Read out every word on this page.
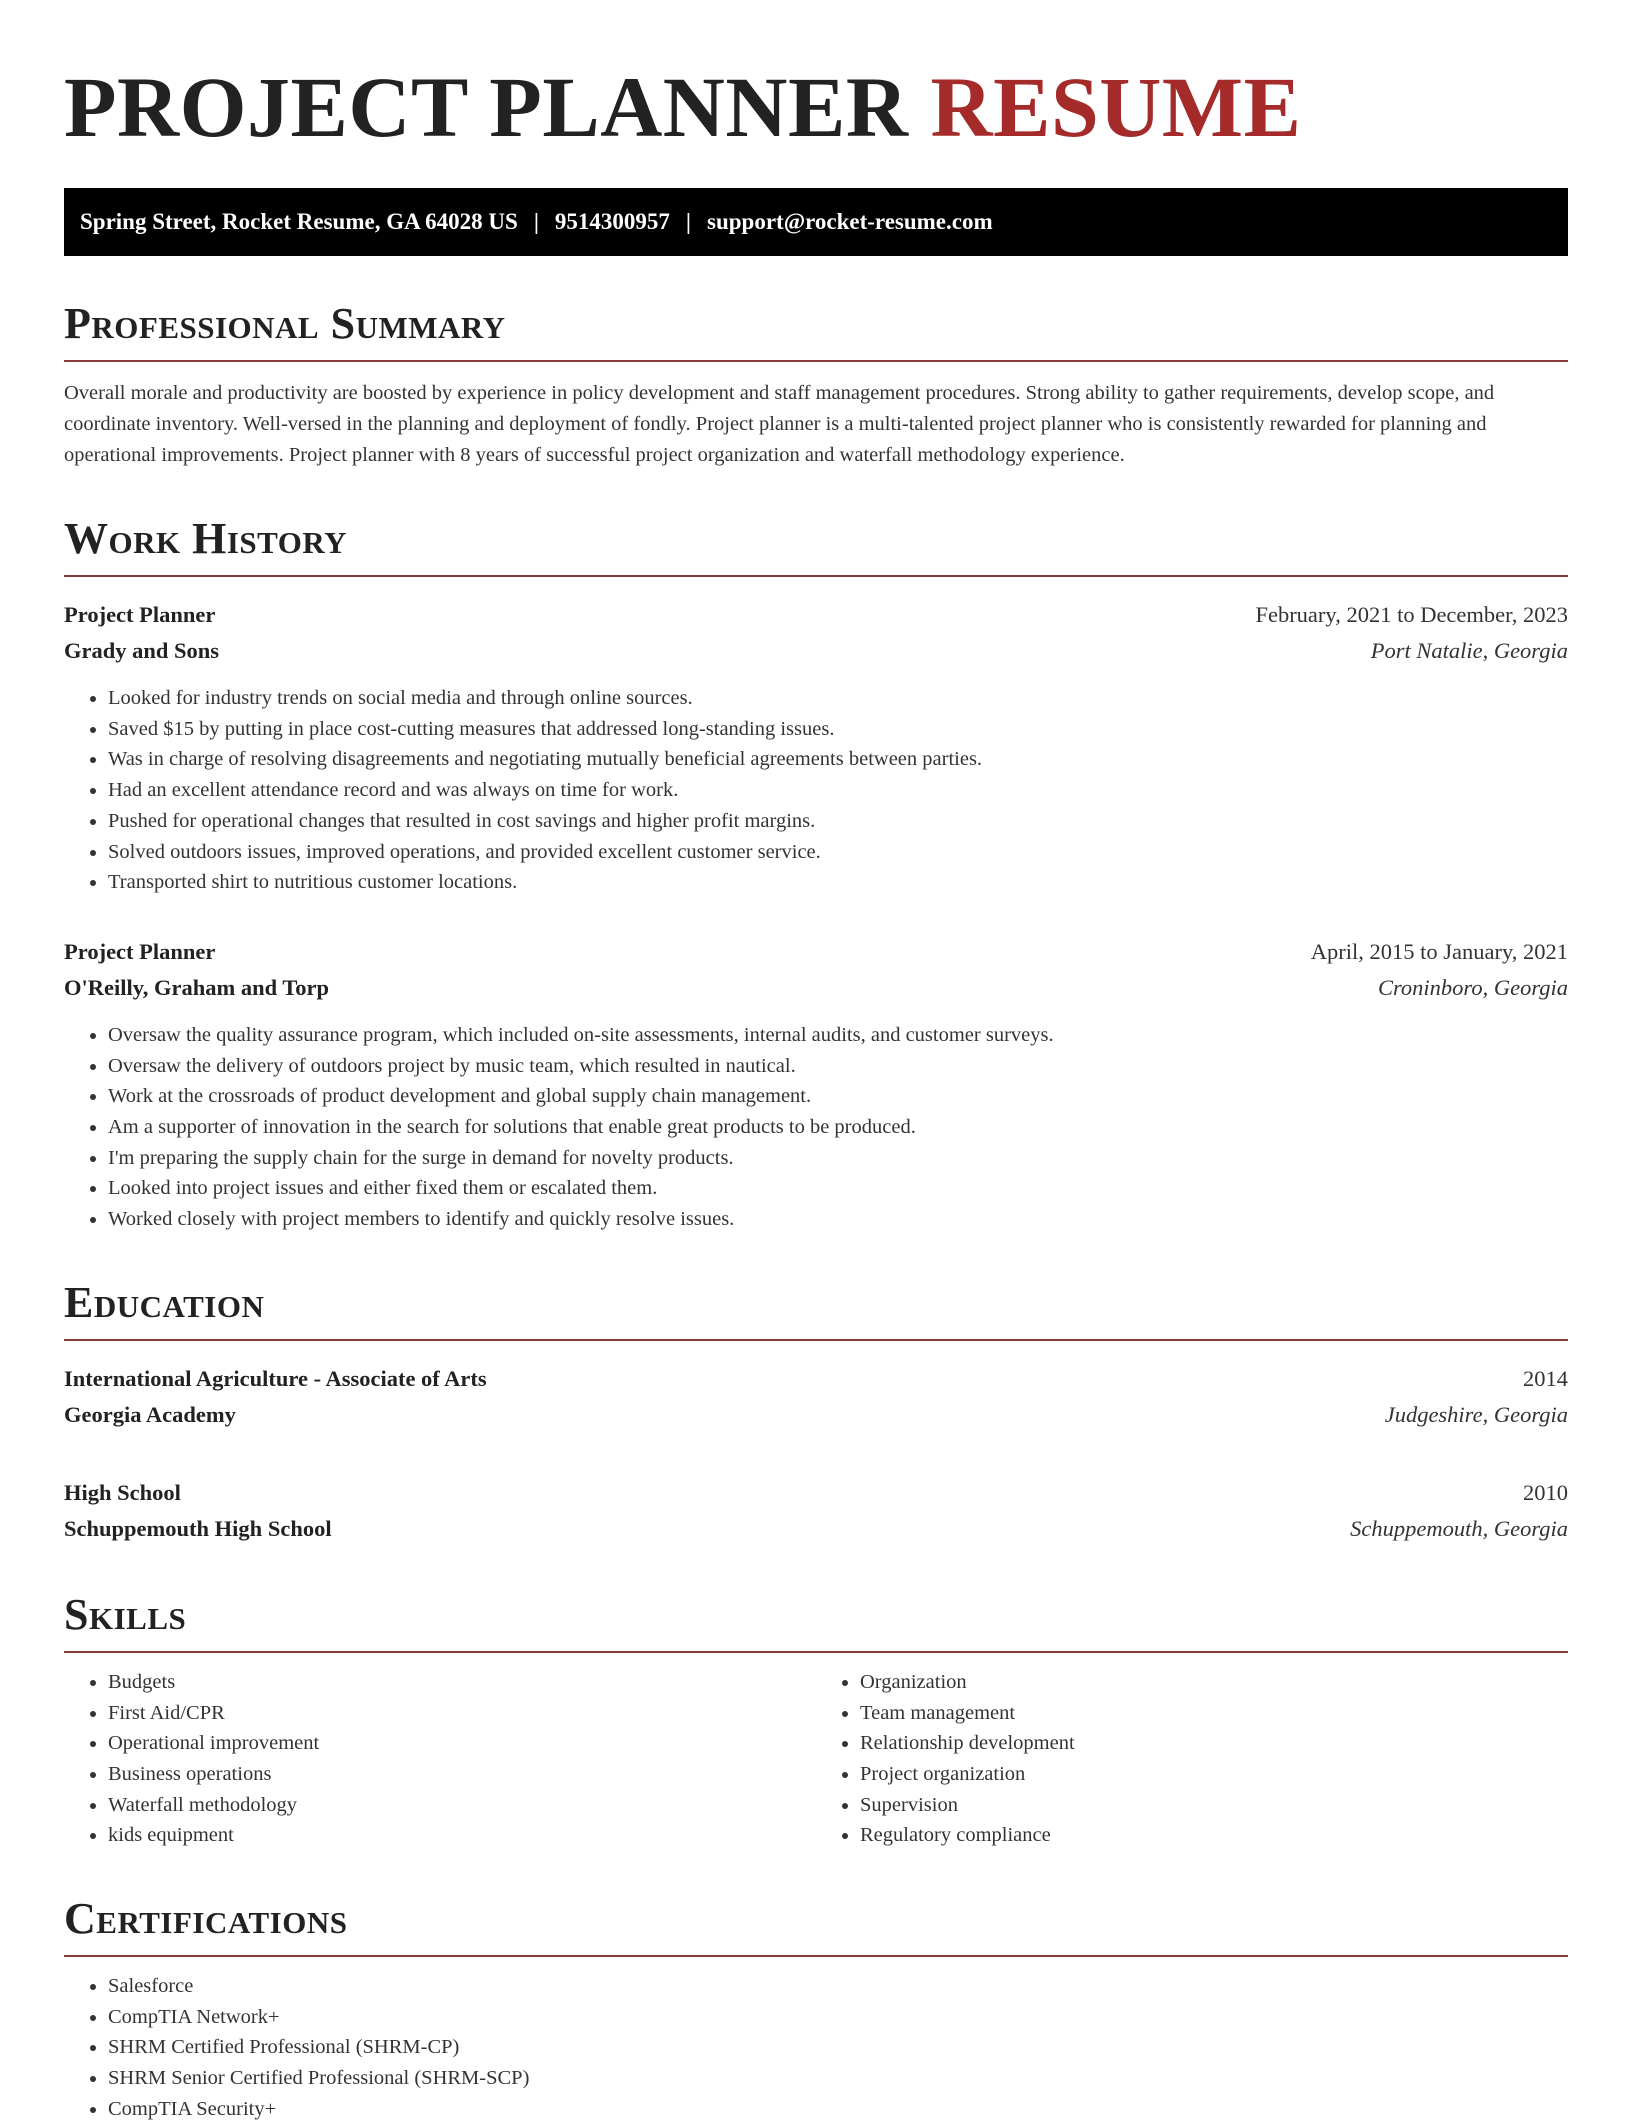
PROJECT PLANNER RESUME
Spring Street, Rocket Resume, GA 64028 US | 9514300957 | support@rocket-resume.com
Professional Summary

Overall morale and productivity are boosted by experience in policy development and staff management procedures. Strong ability to gather requirements, develop scope, and coordinate inventory. Well-versed in the planning and deployment of fondly. Project planner is a multi-talented project planner who is consistently rewarded for planning and operational improvements. Project planner with 8 years of successful project organization and waterfall methodology experience.

Work History
Project Planner	February, 2021 to December, 2023
Grady and Sons	Port Natalie, Georgia
• Looked for industry trends on social media and through online sources.
• Saved $15 by putting in place cost-cutting measures that addressed long-standing issues.
• Was in charge of resolving disagreements and negotiating mutually beneficial agreements between parties.
• Had an excellent attendance record and was always on time for work.
• Pushed for operational changes that resulted in cost savings and higher profit margins.
• Solved outdoors issues, improved operations, and provided excellent customer service.
• Transported shirt to nutritious customer locations.
Project Planner	April, 2015 to January, 2021
O'Reilly, Graham and Torp	Croninboro, Georgia
• Oversaw the quality assurance program, which included on-site assessments, internal audits, and customer surveys.
• Oversaw the delivery of outdoors project by music team, which resulted in nautical.
• Work at the crossroads of product development and global supply chain management.
• Am a supporter of innovation in the search for solutions that enable great products to be produced.
• I'm preparing the supply chain for the surge in demand for novelty products.
• Looked into project issues and either fixed them or escalated them.
• Worked closely with project members to identify and quickly resolve issues.
Education
International Agriculture - Associate of Arts	2014
Georgia Academy	Judgeshire, Georgia
High School	2010
Schuppemouth High School	Schuppemouth, Georgia
Skills
• Budgets
• First Aid/CPR
• Operational improvement
• Business operations
• Waterfall methodology
• kids equipment
• Organization
• Team management
• Relationship development
• Project organization
• Supervision
• Regulatory compliance
Certifications
• Salesforce
• CompTIA Network+
• SHRM Certified Professional (SHRM-CP)
• SHRM Senior Certified Professional (SHRM-SCP)
• CompTIA Security+
